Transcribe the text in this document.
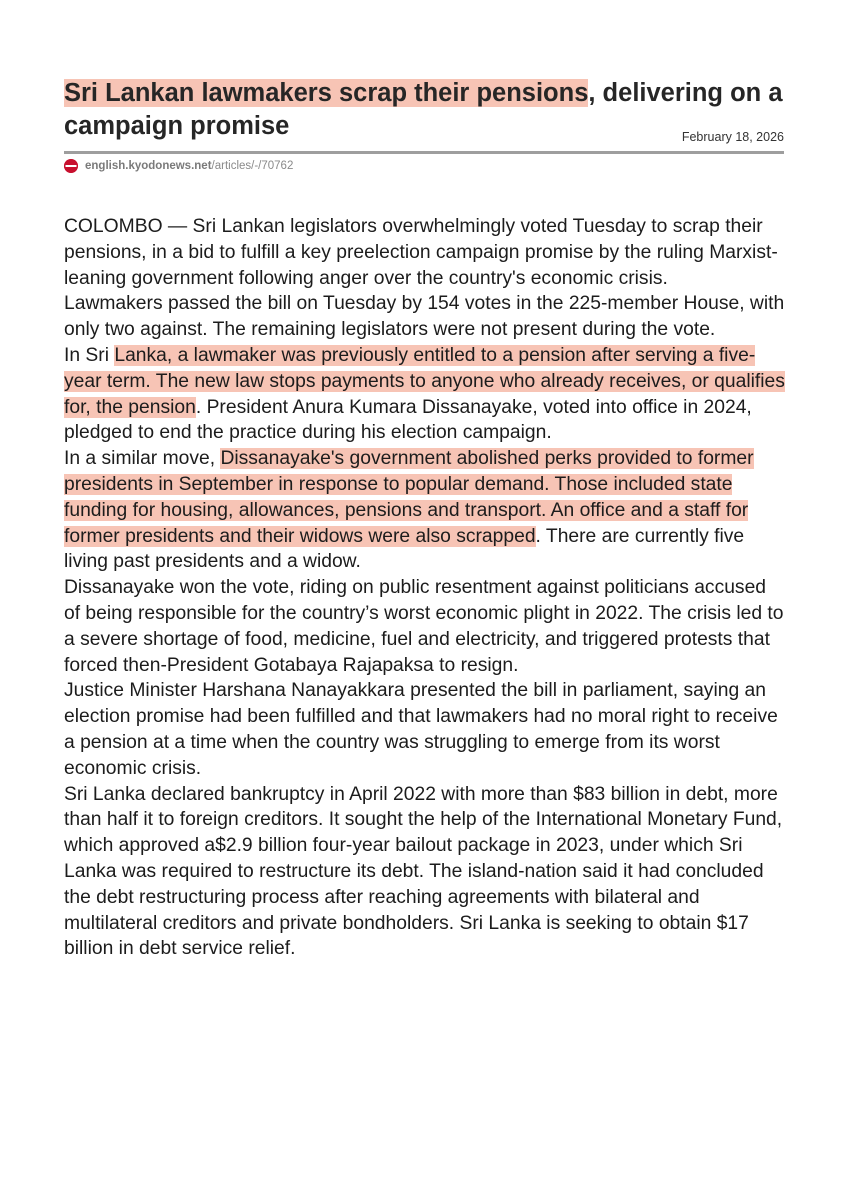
Sri Lankan lawmakers scrap their pensions, delivering on a campaign promise	February 18, 2026
english.kyodonews.net /articles/-/70762

COLOMBO — Sri Lankan legislators overwhelmingly voted Tuesday to scrap their pensions, in a bid to fulfill a key preelection campaign promise by the ruling Marxist-leaning government following anger over the country's economic crisis.

Lawmakers passed the bill on Tuesday by 154 votes in the 225-member House, with only two against. The remaining legislators were not present during the vote.

In Sri Lanka, a lawmaker was previously entitled to a pension after serving a five-year term. The new law stops payments to anyone who already receives, or qualifies for, the pension. President Anura Kumara Dissanayake, voted into office in 2024, pledged to end the practice during his election campaign.

In a similar move, Dissanayake's government abolished perks provided to former presidents in September in response to popular demand. Those included state funding for housing, allowances, pensions and transport. An office and a staff for former presidents and their widows were also scrapped. There are currently five living past presidents and a widow.

Dissanayake won the vote, riding on public resentment against politicians accused of being responsible for the country’s worst economic plight in 2022. The crisis led to a severe shortage of food, medicine, fuel and electricity, and triggered protests that forced then-President Gotabaya Rajapaksa to resign.

Justice Minister Harshana Nanayakkara presented the bill in parliament, saying an election promise had been fulfilled and that lawmakers had no moral right to receive a pension at a time when the country was struggling to emerge from its worst economic crisis.

Sri Lanka declared bankruptcy in April 2022 with more than $83 billion in debt, more than half it to foreign creditors. It sought the help of the International Monetary Fund, which approved a$2.9 billion four-year bailout package in 2023, under which Sri Lanka was required to restructure its debt. The island-nation said it had concluded the debt restructuring process after reaching agreements with bilateral and multilateral creditors and private bondholders. Sri Lanka is seeking to obtain $17 billion in debt service relief.
